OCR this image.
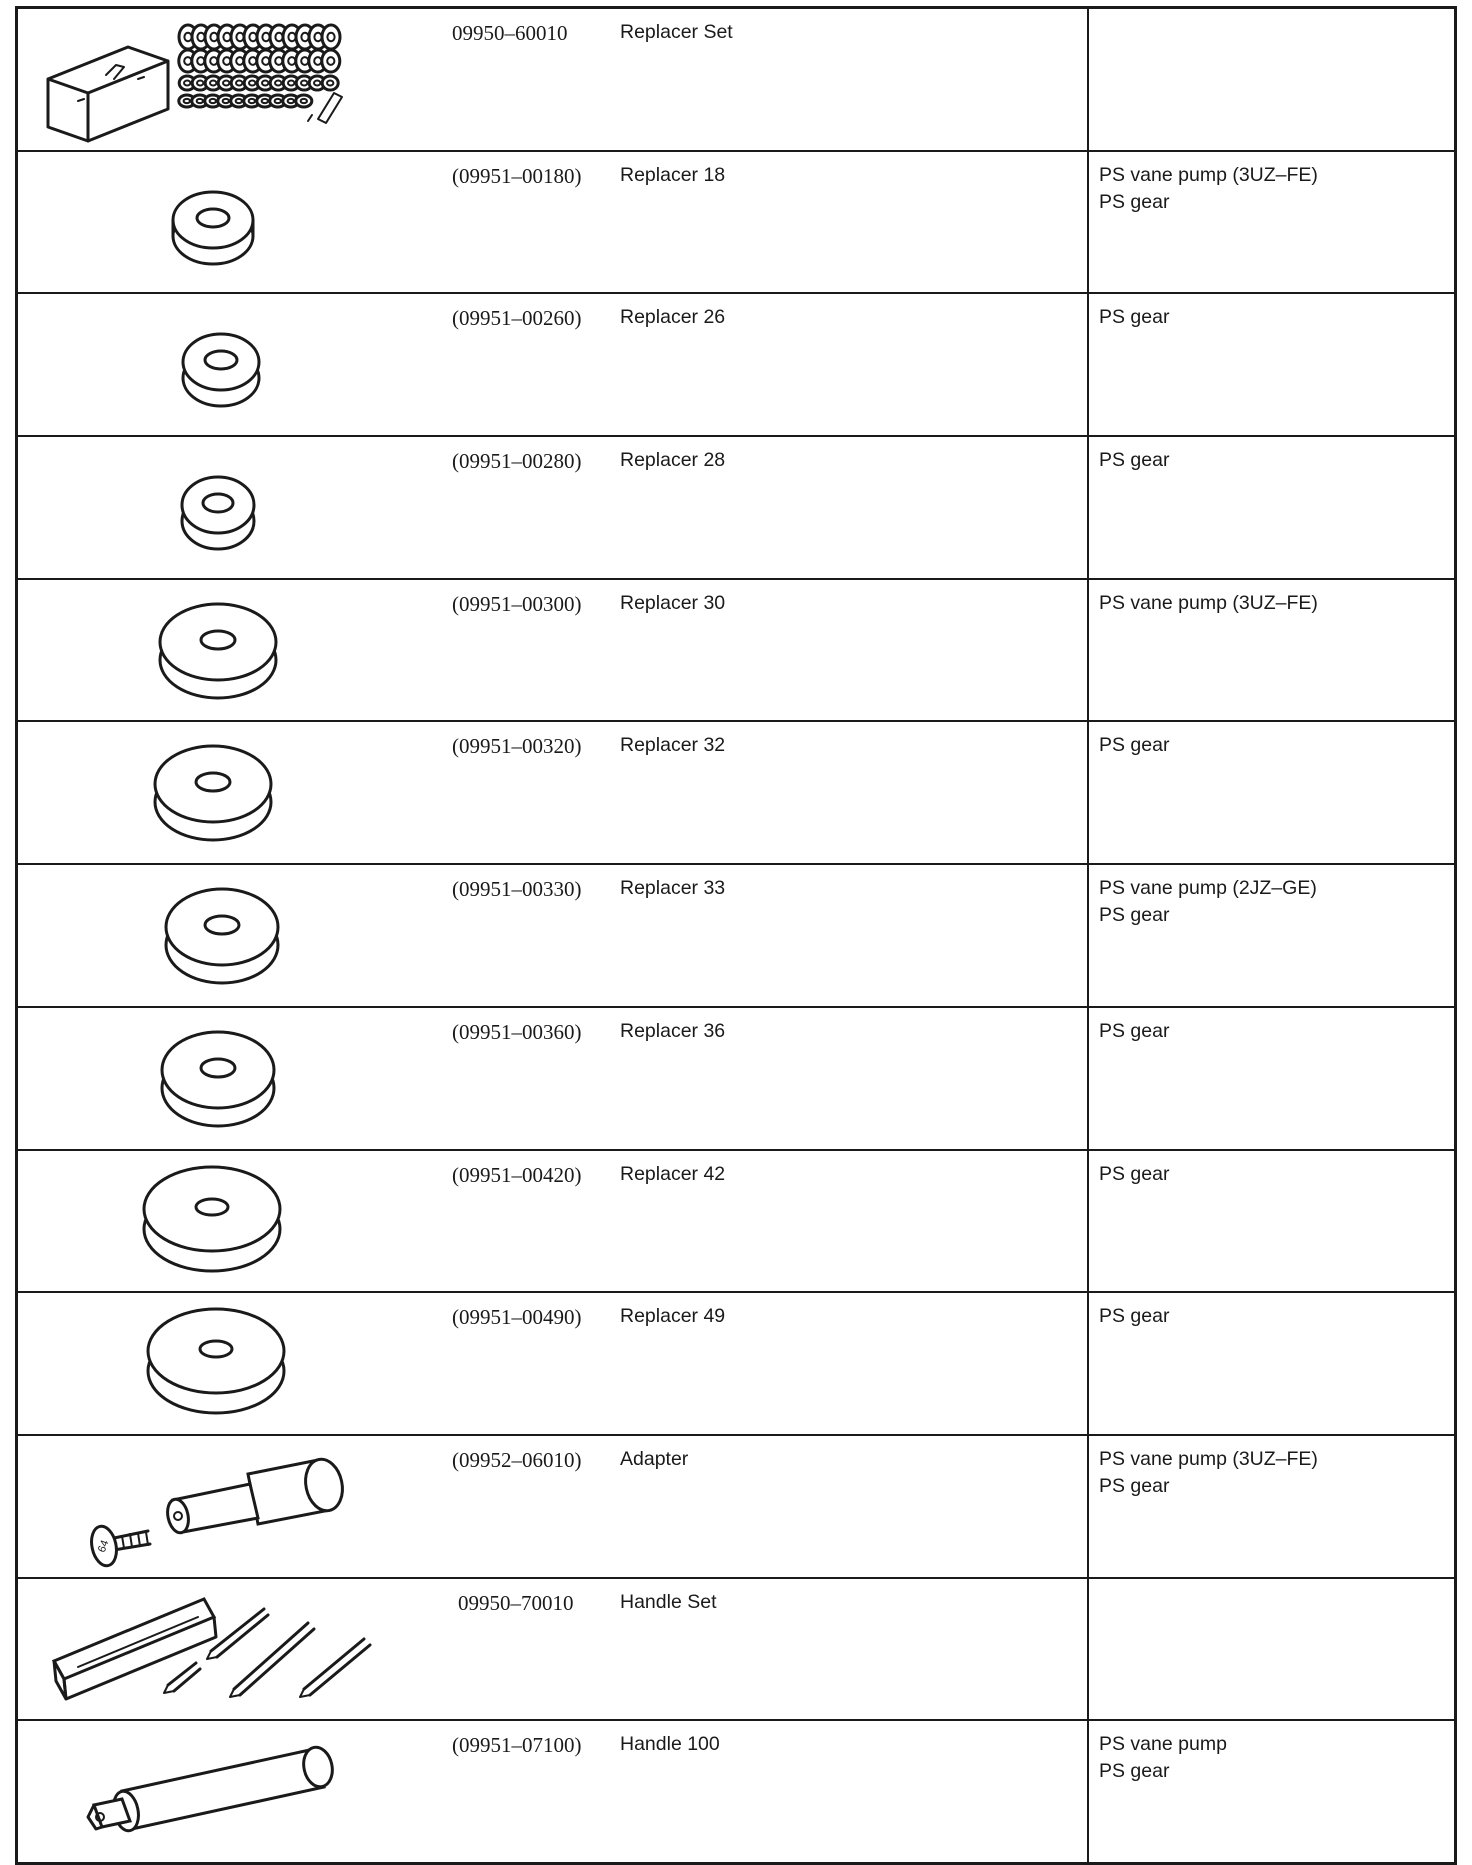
09950–60010	Replacer Set
(09951–00180)	Replacer 18	PS vane pump (3UZ–FE)
PS gear
(09951–00260)	Replacer 26	PS gear
(09951–00280)	Replacer 28	PS gear
(09951–00300)	Replacer 30	PS vane pump (3UZ–FE)
(09951–00320)	Replacer 32	PS gear
(09951–00330)	Replacer 33	PS vane pump (2JZ–GE)
PS gear
(09951–00360)	Replacer 36	PS gear
(09951–00420)	Replacer 42	PS gear
(09951–00490)	Replacer 49	PS gear
64
(09952–06010)	Adapter	PS vane pump (3UZ–FE)
PS gear
09950–70010	Handle Set
(09951–07100)	Handle 100	PS vane pump
PS gear
